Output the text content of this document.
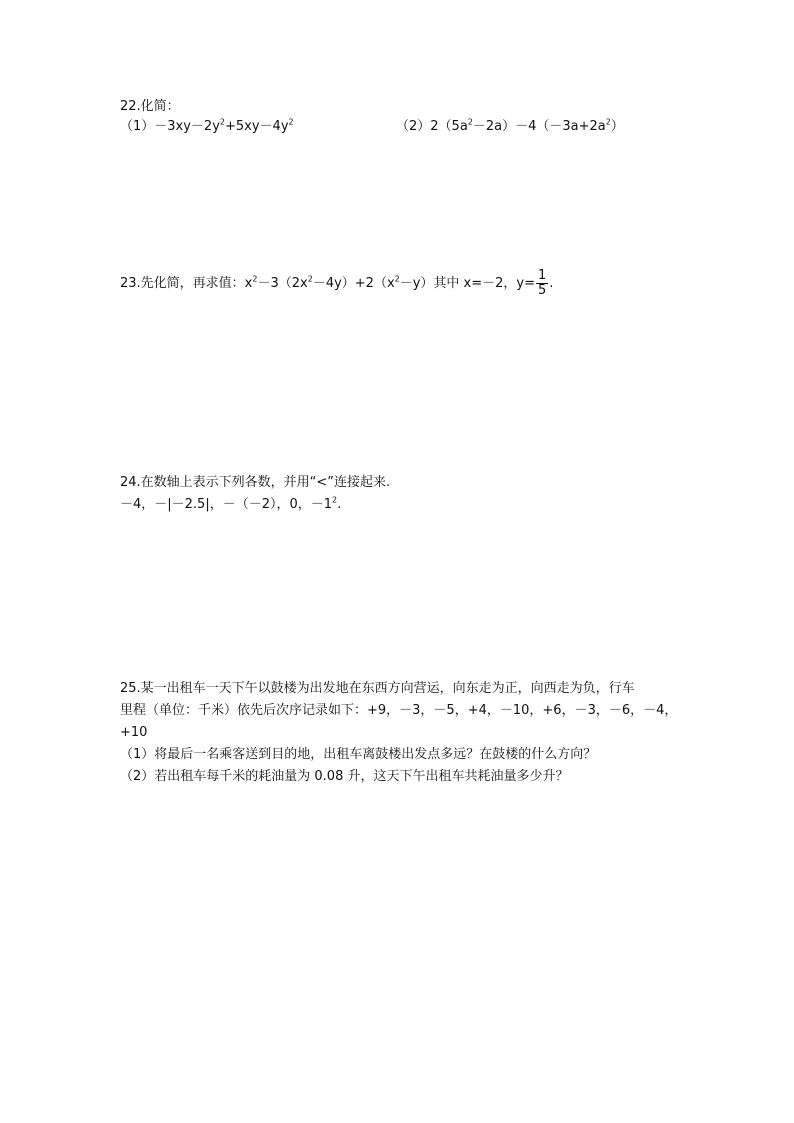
22.化简：
$(1)-3xy-2y^2+5xy-4y^2$	$(2)2(5a^2-2a)-4(-3a+2a^2)$
23.先化简，再求值：$x^2-3(2x^2-4y)+2(x^2-y)$其中 x=－2，$y= \frac{1}{5}$ .
24.在数轴上表示下列各数，并用“<”连接起来.
－4，－|－2.5|，－（－2），0，$-1^2$.
25.某一出租车一天下午以鼓楼为出发地在东西方向营运，向东走为正，向西走为负，行车
里程（单位：千米）依先后次序记录如下：+9，－3，－5，+4，－10，+6，－3，－6，－4，
+10
（1）将最后一名乘客送到目的地，出租车离鼓楼出发点多远？在鼓楼的什么方向？
（2）若出租车每千米的耗油量为 0.08 升，这天下午出租车共耗油量多少升？
